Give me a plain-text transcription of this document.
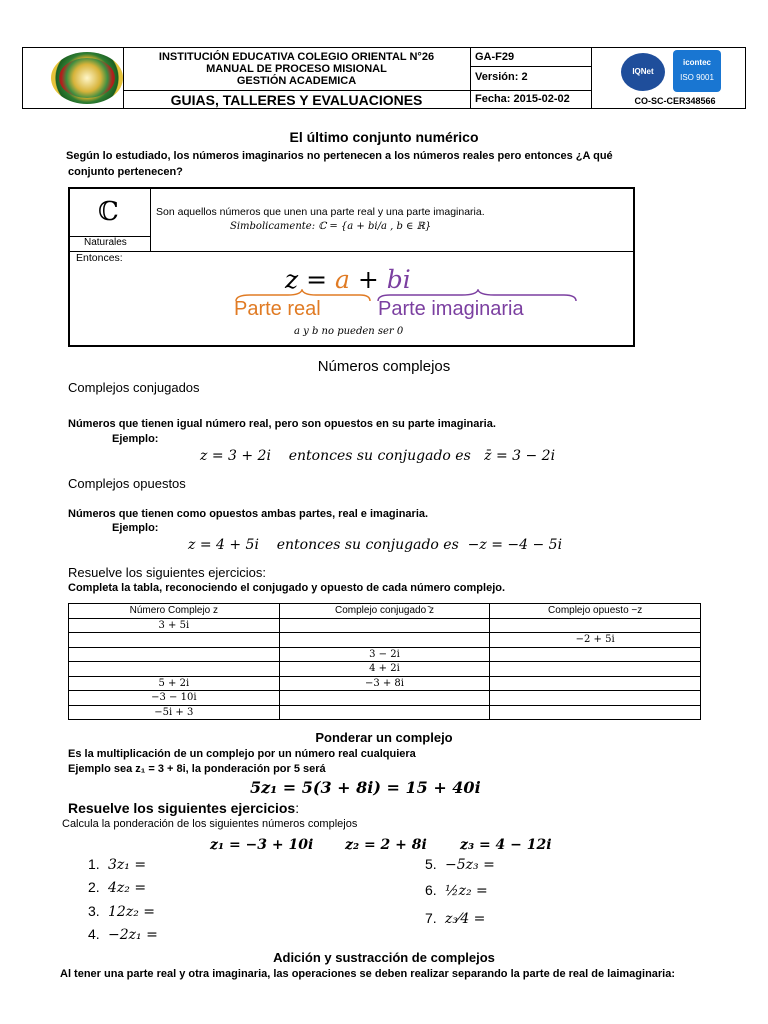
INSTITUCIÓN EDUCATIVA COLEGIO ORIENTAL N°26
MANUAL DE PROCESO MISIONAL
GESTIÓN ACADEMICA
GUIAS, TALLERES Y EVALUACIONES
GA-F29
Versión: 2
Fecha: 2015-02-02
IQNet
icontec
ISO 9001
CO-SC-CER348566
El último conjunto numérico
Según lo estudiado, los números imaginarios no pertenecen a los números reales pero entonces ¿A qué
conjunto pertenecen?
ℂ
Naturales
Son aquellos números que unen una parte real y una parte imaginaria.
Simbolicamente: ℂ = {a + bi/a , b ∈ ℝ}
Entonces:
z = a + bi
Parte real	Parte imaginaria
a y b no pueden ser 0
Números complejos
Complejos conjugados
Números que tienen igual número real, pero son opuestos en su parte imaginaria.
Ejemplo:
z = 3 + 2i    entonces su conjugado es   z̄ = 3 − 2i
Complejos opuestos
Números que tienen como opuestos ambas partes, real e imaginaria.
Ejemplo:
z = 4 + 5i    entonces su conjugado es  −z = −4 − 5i
Resuelve los siguientes ejercicios:
Completa la tabla, reconociendo el conjugado y opuesto de cada número complejo.
Número Complejo z	Complejo conjugado ̄z	Complejo opuesto −z
3 + 5i		
		−2 + 5i
	3 − 2i	
	4 + 2i	
5 + 2i	−3 + 8i	
−3 − 10i		
−5i + 3		
Ponderar un complejo
Es la multiplicación de un complejo por un número real cualquiera
Ejemplo sea z₁ = 3 + 8i, la ponderación por 5 será
5z₁ = 5(3 + 8i) = 15 + 40i
Resuelve los siguientes ejercicios:
Calcula la ponderación de los siguientes números complejos
z₁ = −3 + 10i z₂ = 2 + 8i z₃ = 4 − 12i
1. 3z₁ =
2. 4z₂ =
3. 12z₂ =
4. −2z₁ =
5. −5z₃ =
6. ½z₂ =
7. z₃⁄4 =
Adición y sustracción de complejos
Al tener una parte real y otra imaginaria, las operaciones se deben realizar separando la parte de real de laimaginaria:
